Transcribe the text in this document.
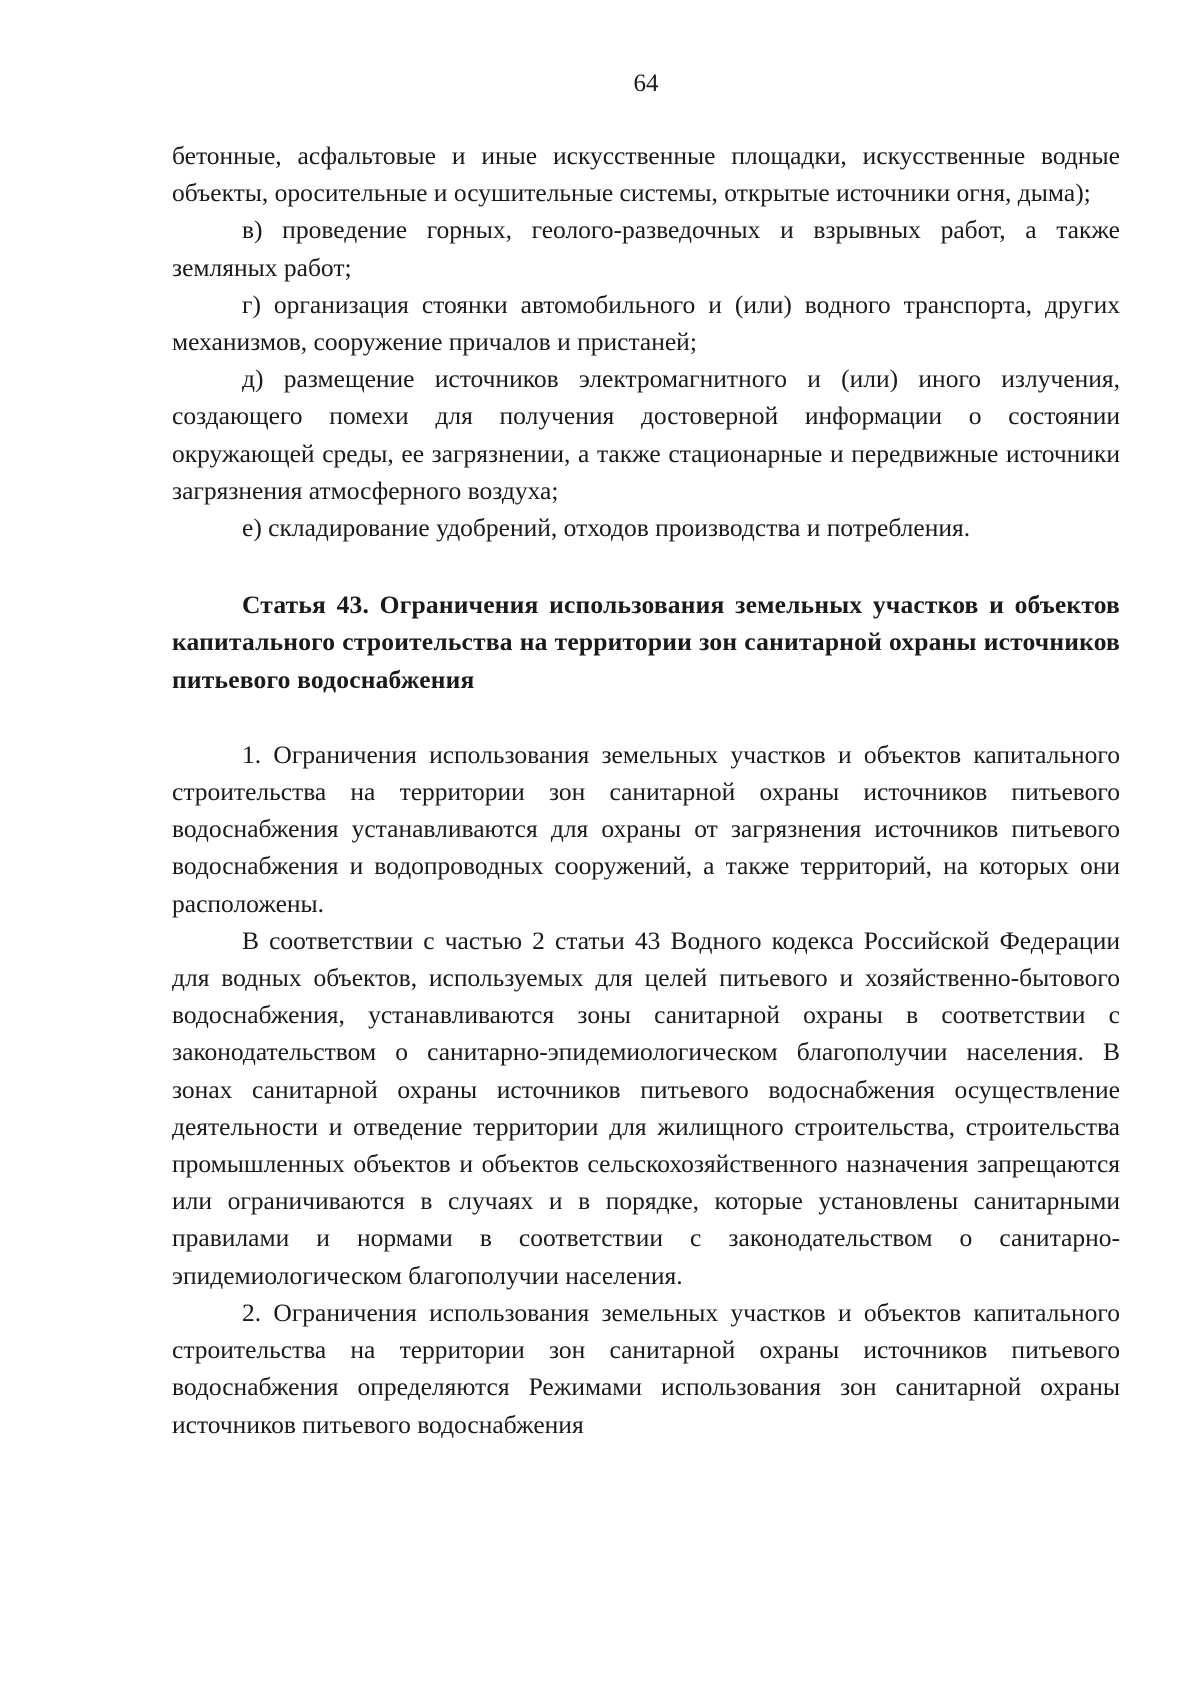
64

бетонные, асфальтовые и иные искусственные площадки, искусственные водные объекты, оросительные и осушительные системы, открытые источники огня, дыма);

в) проведение горных, геолого-разведочных и взрывных работ, а также земляных работ;

г) организация стоянки автомобильного и (или) водного транспорта, других механизмов, сооружение причалов и пристаней;

д) размещение источников электромагнитного и (или) иного излучения, создающего помехи для получения достоверной информации о состоянии окружающей среды, ее загрязнении, а также стационарные и передвижные источники загрязнения атмосферного воздуха;

е) складирование удобрений, отходов производства и потребления.

Статья 43. Ограничения использования земельных участков и объектов капитального строительства на территории зон санитарной охраны источников питьевого водоснабжения

1. Ограничения использования земельных участков и объектов капитального строительства на территории зон санитарной охраны источников питьевого водоснабжения устанавливаются для охраны от загрязнения источников питьевого водоснабжения и водопроводных сооружений, а также территорий, на которых они расположены.

В соответствии с частью 2 статьи 43 Водного кодекса Российской Федерации для водных объектов, используемых для целей питьевого и хозяйственно-бытового водоснабжения, устанавливаются зоны санитарной охраны в соответствии с законодательством о санитарно-эпидемиологическом благополучии населения. В зонах санитарной охраны источников питьевого водоснабжения осуществление деятельности и отведение территории для жилищного строительства, строительства промышленных объектов и объектов сельскохозяйственного назначения запрещаются или ограничиваются в случаях и в порядке, которые установлены санитарными правилами и нормами в соответствии с законодательством о санитарно-эпидемиологическом благополучии населения.

2. Ограничения использования земельных участков и объектов капитального строительства на территории зон санитарной охраны источников питьевого водоснабжения определяются Режимами использования зон санитарной охраны источников питьевого водоснабжения
